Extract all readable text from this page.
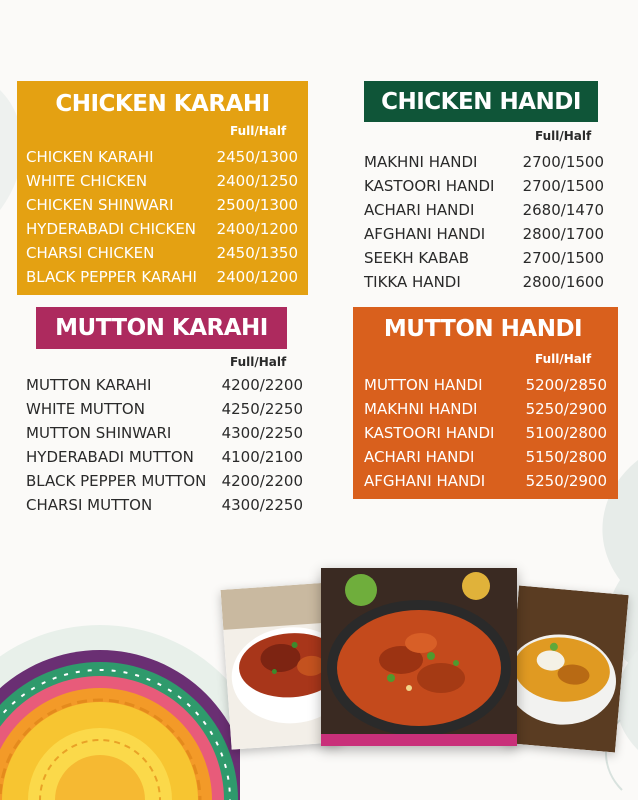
CHICKEN KARAHI
Full/Half
CHICKEN KARAHI	2450/1300
WHITE CHICKEN	2400/1250
CHICKEN SHINWARI	2500/1300
HYDERABADI CHICKEN 2400/1200
CHARSI CHICKEN	2450/1350
BLACK PEPPER KARAHI 2400/1200
CHICKEN HANDI
Full/Half
MAKHNI HANDI	2700/1500
KASTOORI HANDI 2700/1500
ACHARI HANDI	2680/1470
AFGHANI HANDI 2800/1700
SEEKH KABAB	2700/1500
TIKKA HANDI	2800/1600
MUTTON KARAHI
Full/Half
MUTTON KARAHI	4200/2200
WHITE MUTTON	4250/2250
MUTTON SHINWARI	4300/2250
HYDERABADI MUTTON 4100/2100
BLACK PEPPER MUTTON 4200/2200
CHARSI MUTTON	4300/2250
MUTTON HANDI
Full/Half
MUTTON HANDI	5200/2850
MAKHNI HANDI	5250/2900
KASTOORI HANDI 5100/2800
ACHARI HANDI	5150/2800
AFGHANI HANDI	5250/2900
